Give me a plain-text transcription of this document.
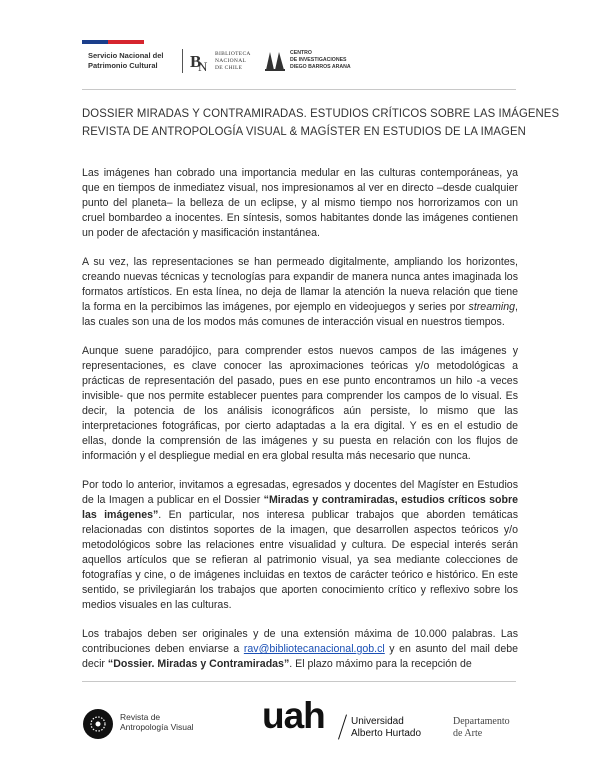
Servicio Nacional del
Patrimonio Cultural	B
N
BIBLIOTECA
NACIONAL
DE CHILE
CENTRO
DE INVESTIGACIONES
DIEGO BARROS ARANA
DOSSIER MIRADAS Y CONTRAMIRADAS. ESTUDIOS CRÍTICOS SOBRE LAS IMÁGENES
REVISTA DE ANTROPOLOGÍA VISUAL & MAGÍSTER EN ESTUDIOS DE LA IMAGEN

Las imágenes han cobrado una importancia medular en las culturas contemporáneas, ya que en tiempos de inmediatez visual, nos impresionamos al ver en directo –desde cualquier punto del planeta– la belleza de un eclipse, y al mismo tiempo nos horrorizamos con un cruel bombardeo a inocentes. En síntesis, somos habitantes donde las imágenes contienen un poder de afectación y masificación instantánea.

A su vez, las representaciones se han permeado digitalmente, ampliando los horizontes, creando nuevas técnicas y tecnologías para expandir de manera nunca antes imaginada los formatos artísticos. En esta línea, no deja de llamar la atención la nueva relación que tiene la forma en la percibimos las imágenes, por ejemplo en videojuegos y series por streaming, las cuales son una de los modos más comunes de interacción visual en nuestros tiempos.

Aunque suene paradójico, para comprender estos nuevos campos de las imágenes y representaciones, es clave conocer las aproximaciones teóricas y/o metodológicas a prácticas de representación del pasado, pues en ese punto encontramos un hilo -a veces invisible- que nos permite establecer puentes para comprender los campos de lo visual. Es decir, la potencia de los análisis iconográficos aún persiste, lo mismo que las interpretaciones fotográficas, por cierto adaptadas a la era digital. Y es en el estudio de ellas, donde la comprensión de las imágenes y su puesta en relación con los flujos de información y el despliegue medial en era global resulta más necesario que nunca.

Por todo lo anterior, invitamos a egresadas, egresados y docentes del Magíster en Estudios de la Imagen a publicar en el Dossier “Miradas y contramiradas, estudios críticos sobre las imágenes”. En particular, nos interesa publicar trabajos que aborden temáticas relacionadas con distintos soportes de la imagen, que desarrollen aspectos teóricos y/o metodológicos sobre las relaciones entre visualidad y cultura. De especial interés serán aquellos artículos que se refieran al patrimonio visual, ya sea mediante colecciones de fotografías y cine, o de imágenes incluidas en textos de carácter teórico e histórico. En este sentido, se privilegiarán los trabajos que aporten conocimiento crítico y reflexivo sobre los medios visuales en las culturas.

Los trabajos deben ser originales y de una extensión máxima de 10.000 palabras. Las contribuciones deben enviarse a rav@bibliotecanacional.gob.cl y en asunto del mail debe decir “Dossier. Miradas y Contramiradas”. El plazo máximo para la recepción de

Revista de
Antropología Visual uah	Universidad
Alberto Hurtado
Departamento
de Arte
